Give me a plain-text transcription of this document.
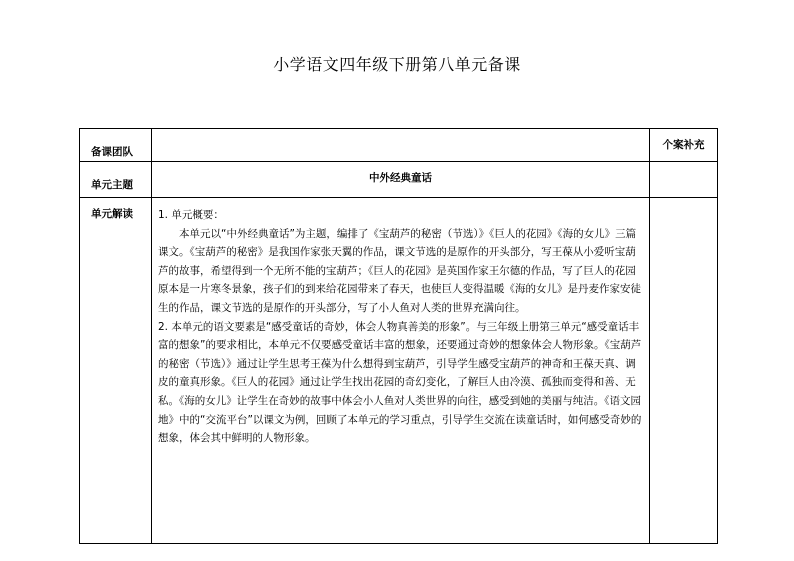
小学语文四年级下册第八单元备课
备课团队		个案补充
单元主题	中外经典童话	
单元解读	1. 单元概要：

本单元以“中外经典童话”为主题，编排了《宝葫芦的秘密（节选）》《巨人的花园》《海的女儿》三篇课文。《宝葫芦的秘密》是我国作家张天翼的作品，课文节选的是原作的开头部分，写王葆从小爱听宝葫芦的故事，希望得到一个无所不能的宝葫芦；《巨人的花园》是英国作家王尔德的作品，写了巨人的花园原本是一片寒冬景象，孩子们的到来给花园带来了春天，也使巨人变得温暖《海的女儿》是丹麦作家安徒生的作品，课文节选的是原作的开头部分，写了小人鱼对人类的世界充满向往。

2. 本单元的语文要素是“感受童话的奇妙，体会人物真善美的形象”。与三年级上册第三单元“感受童话丰富的想象”的要求相比，本单元不仅要感受童话丰富的想象，还要通过奇妙的想象体会人物形象。《宝葫芦的秘密（节选）》通过让学生思考王葆为什么想得到宝葫芦，引导学生感受宝葫芦的神奇和王葆天真、调皮的童真形象。《巨人的花园》通过让学生找出花园的奇幻变化，了解巨人由冷漠、孤独而变得和善、无私。《海的女儿》让学生在奇妙的故事中体会小人鱼对人类世界的向往，感受到她的美丽与纯洁。《语文园地》中的“交流平台”以课文为例，回顾了本单元的学习重点，引导学生交流在读童话时，如何感受奇妙的想象，体会其中鲜明的人物形象。	
